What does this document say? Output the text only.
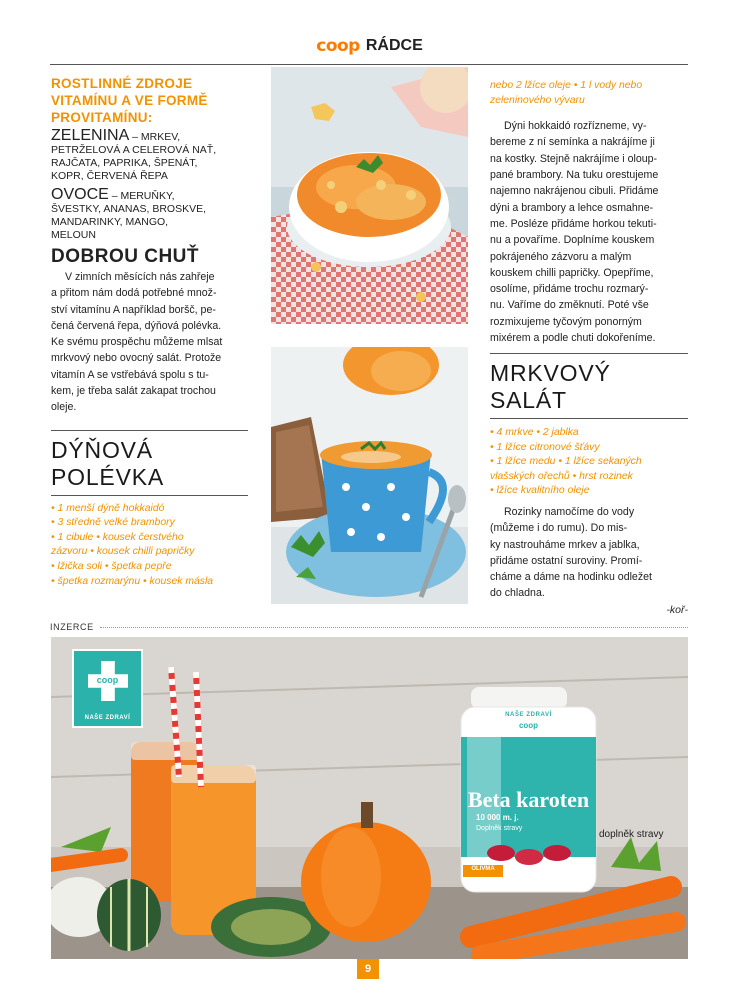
coop RÁDCE
ROSTLINNÉ ZDROJE
VITAMÍNU A VE FORMĚ
PROVITAMÍNU:
ZELENINA – MRKEV,
PETRŽELOVÁ A CELEROVÁ NAŤ,
RAJČATA, PAPRIKA, ŠPENÁT,
KOPR, ČERVENÁ ŘEPA
OVOCE – MERUŇKY,
ŠVESTKY, ANANAS, BROSKVE,
MANDARINKY, MANGO,
MELOUN
DOBROU CHUŤ
V zimních měsících nás zahřeje
a přitom nám dodá potřebné množ-
ství vitamínu A například boršč, pe-
čená červená řepa, dýňová polévka.
Ke svému prospěchu můžeme mlsat
mrkvový nebo ovocný salát. Protože
vitamín A se vstřebává spolu s tu-
kem, je třeba salát zakapat trochou
oleje.
DÝŇOVÁ
POLÉVKA
• 1 menší dýně hokkaidó
• 3 středně velké brambory
• 1 cibule • kousek čerstvého
zázvoru • kousek chilli papričky
• lžička soli • špetka pepře
• špetka rozmarýnu • kousek másla
nebo 2 lžíce oleje • 1 l vody nebo
zeleninového vývaru
Dýni hokkaidó rozřízneme, vy-
bereme z ní semínka a nakrájíme ji
na kostky. Stejně nakrájíme i oloup-
pané brambory. Na tuku orestujeme
najemno nakrájenou cibuli. Přidáme
dýni a brambory a lehce osmahne-
me. Posléze přidáme horkou tekuti-
nu a povaříme. Doplníme kouskem
pokrájeného zázvoru a malým
kouskem chilli papričky. Opepříme,
osolíme, přidáme trochu rozmarý-
nu. Vaříme do změknutí. Poté vše
rozmixujeme tyčovým ponorným
mixérem a podle chuti dokořeníme.
MRKVOVÝ
SALÁT
• 4 mrkve • 2 jablka
• 1 lžíce citronové šťávy
• 1 lžíce medu • 1 lžíce sekaných
vlašských ořechů • hrst rozinek
• lžíce kvalitního oleje
Rozinky namočíme do vody
(můžeme i do rumu). Do mis-
ky nastrouháme mrkev a jablka,
přidáme ostatní suroviny. Promí-
cháme a dáme na hodinku odležet
do chladna.
-koř-
INZERCE
coop
NAŠE ZDRAVÍ	NAŠE ZDRAVÍ
coop
Beta karoten
10 000 m. j.
Doplněk stravy
OLIVMA
doplněk stravy
9
